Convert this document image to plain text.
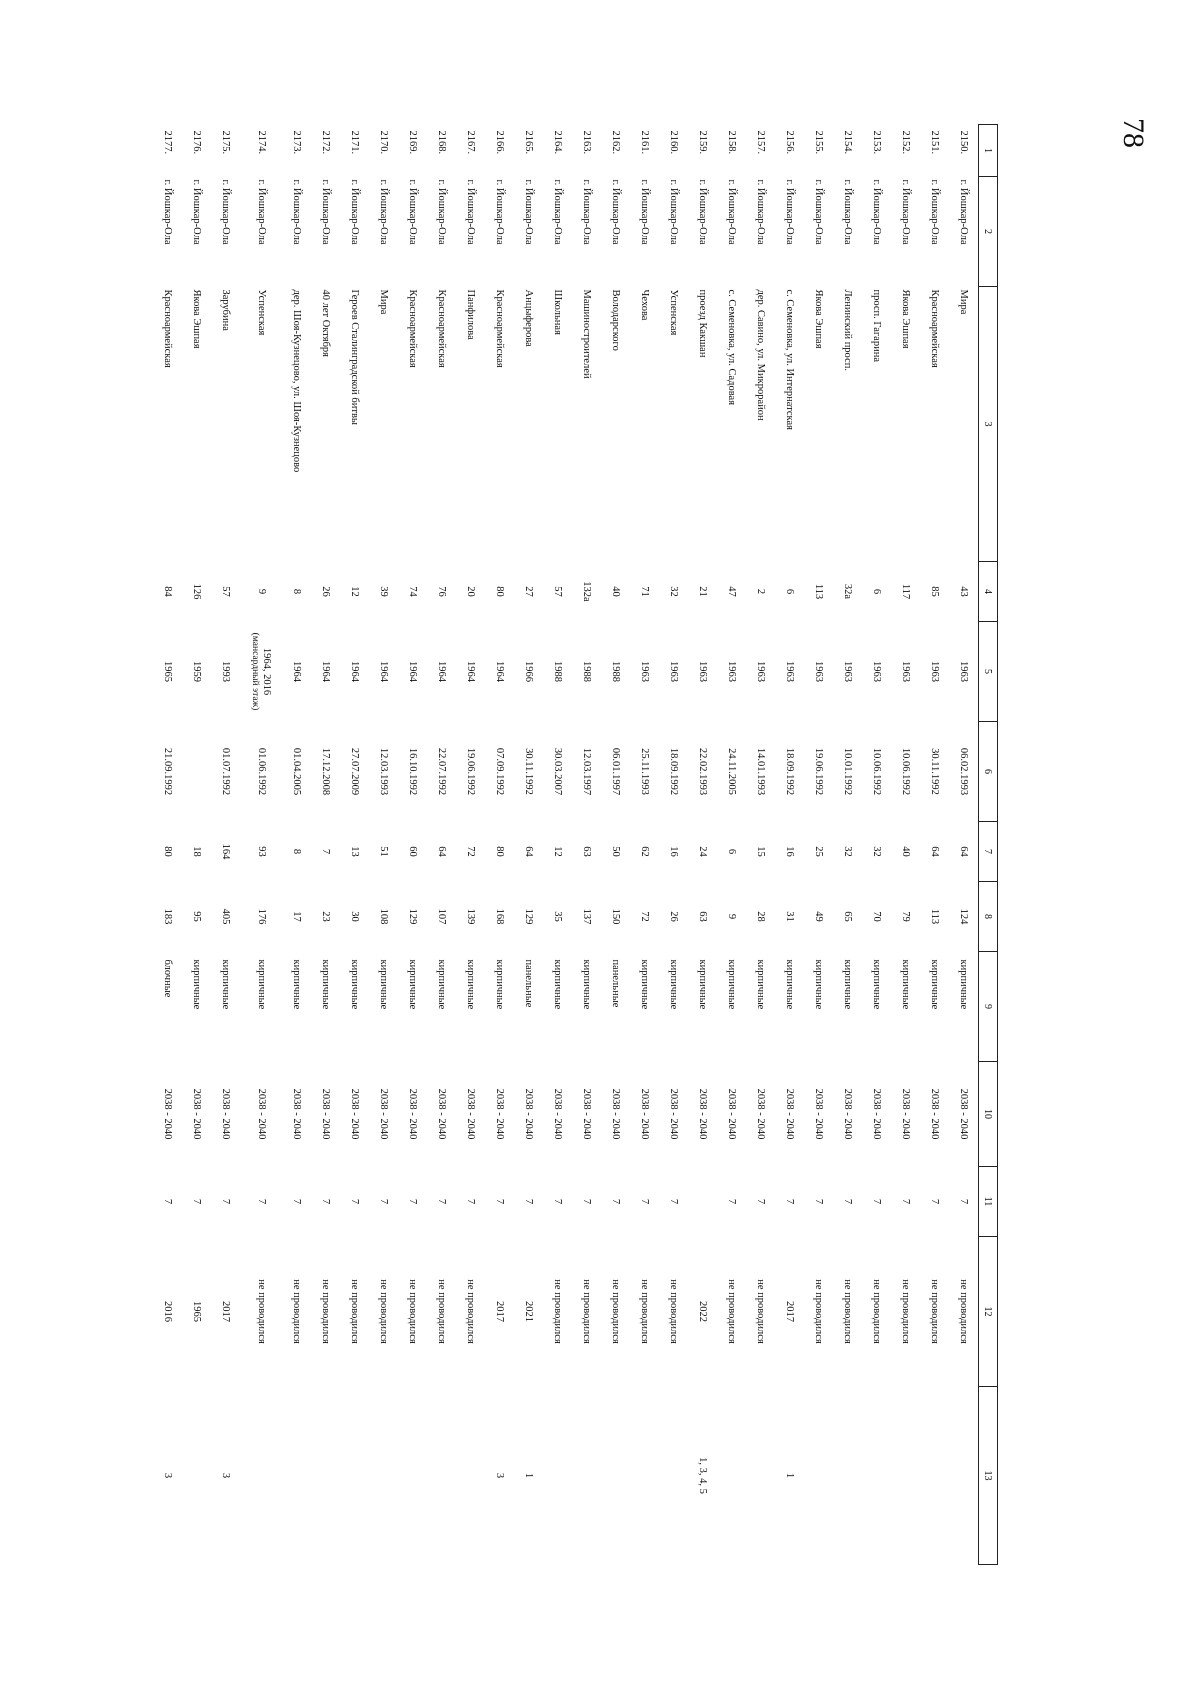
78
1	2	3	4	5	6	7	8	9	10	11	12	13
2150.	г. Йошкар-Ола	Мира	43	1963	06.02.1993	64	124	кирпичные	2038 - 2040	7	не проводился	
2151.	г. Йошкар-Ола	Красноармейская	85	1963	30.11.1992	64	113	кирпичные	2038 - 2040	7	не проводился	
2152.	г. Йошкар-Ола	Якова Эшпая	117	1963	10.06.1992	40	79	кирпичные	2038 - 2040	7	не проводился	
2153.	г. Йошкар-Ола	просп. Гагарина	6	1963	10.06.1992	32	70	кирпичные	2038 - 2040	7	не проводился	
2154.	г. Йошкар-Ола	Ленинский просп.	32а	1963	10.01.1992	32	65	кирпичные	2038 - 2040	7	не проводился	
2155.	г. Йошкар-Ола	Якова Эшпая	113	1963	19.06.1992	25	49	кирпичные	2038 - 2040	7	не проводился	
2156.	г. Йошкар-Ола	с. Семеновка, ул. Интернатская	6	1963	18.09.1992	16	31	кирпичные	2038 - 2040	7	2017	1
2157.	г. Йошкар-Ола	дер. Савино, ул. Микрорайон	2	1963	14.01.1993	15	28	кирпичные	2038 - 2040	7	не проводился	
2158.	г. Йошкар-Ола	с. Семеновка, ул. Садовая	47	1963	24.11.2005	6	9	кирпичные	2038 - 2040	7	не проводился	
2159.	г. Йошкар-Ола	проезд Какшан	21	1963	22.02.1993	24	63	кирпичные	2038 - 2040		2022	1, 3, 4, 5
2160.	г. Йошкар-Ола	Успенская	32	1963	18.09.1992	16	26	кирпичные	2038 - 2040	7	не проводился	
2161.	г. Йошкар-Ола	Чехова	71	1963	25.11.1993	62	72	кирпичные	2038 - 2040	7	не проводился	
2162.	г. Йошкар-Ола	Володарского	40	1988	06.01.1997	50	150	панельные	2038 - 2040	7	не проводился	
2163.	г. Йошкар-Ола	Машиностроителей	132а	1988	12.03.1997	63	137	кирпичные	2038 - 2040	7	не проводился	
2164.	г. Йошкар-Ола	Школьная	57	1988	30.03.2007	12	35	кирпичные	2038 - 2040	7	не проводился	
2165.	г. Йошкар-Ола	Анцыферова	27	1966	30.11.1992	64	129	панельные	2038 - 2040	7	2021	1
2166.	г. Йошкар-Ола	Красноармейская	80	1964	07.09.1992	80	168	кирпичные	2038 - 2040	7	2017	3
2167.	г. Йошкар-Ола	Панфилова	20	1964	19.06.1992	72	139	кирпичные	2038 - 2040	7	не проводился	
2168.	г. Йошкар-Ола	Красноармейская	76	1964	22.07.1992	64	107	кирпичные	2038 - 2040	7	не проводился	
2169.	г. Йошкар-Ола	Красноармейская	74	1964	16.10.1992	60	129	кирпичные	2038 - 2040	7	не проводился	
2170.	г. Йошкар-Ола	Мира	39	1964	12.03.1993	51	108	кирпичные	2038 - 2040	7	не проводился	
2171.	г. Йошкар-Ола	Героев Сталинградской битвы	12	1964	27.07.2009	13	30	кирпичные	2038 - 2040	7	не проводился	
2172.	г. Йошкар-Ола	40 лет Октября	26	1964	17.12.2008	7	23	кирпичные	2038 - 2040	7	не проводился	
2173.	г. Йошкар-Ола	дер. Шоя-Кузнецово, ул. Шоя-Кузнецово	8	1964	01.04.2005	8	17	кирпичные	2038 - 2040	7	не проводился	
2174.	г. Йошкар-Ола	Успенская	9	1964, 2016
(мансардный этаж)	01.06.1992	93	176	кирпичные	2038 - 2040	7	не проводился	
2175.	г. Йошкар-Ола	Зарубина	57	1993	01.07.1992	164	405	кирпичные	2038 - 2040	7	2017	3
2176.	г. Йошкар-Ола	Якова Эшпая	126	1959		18	95	кирпичные	2038 - 2040	7	1965	
2177.	г. Йошкар-Ола	Красноармейская	84	1965	21.09.1992	80	183	блочные	2038 - 2040	7	2016	3
